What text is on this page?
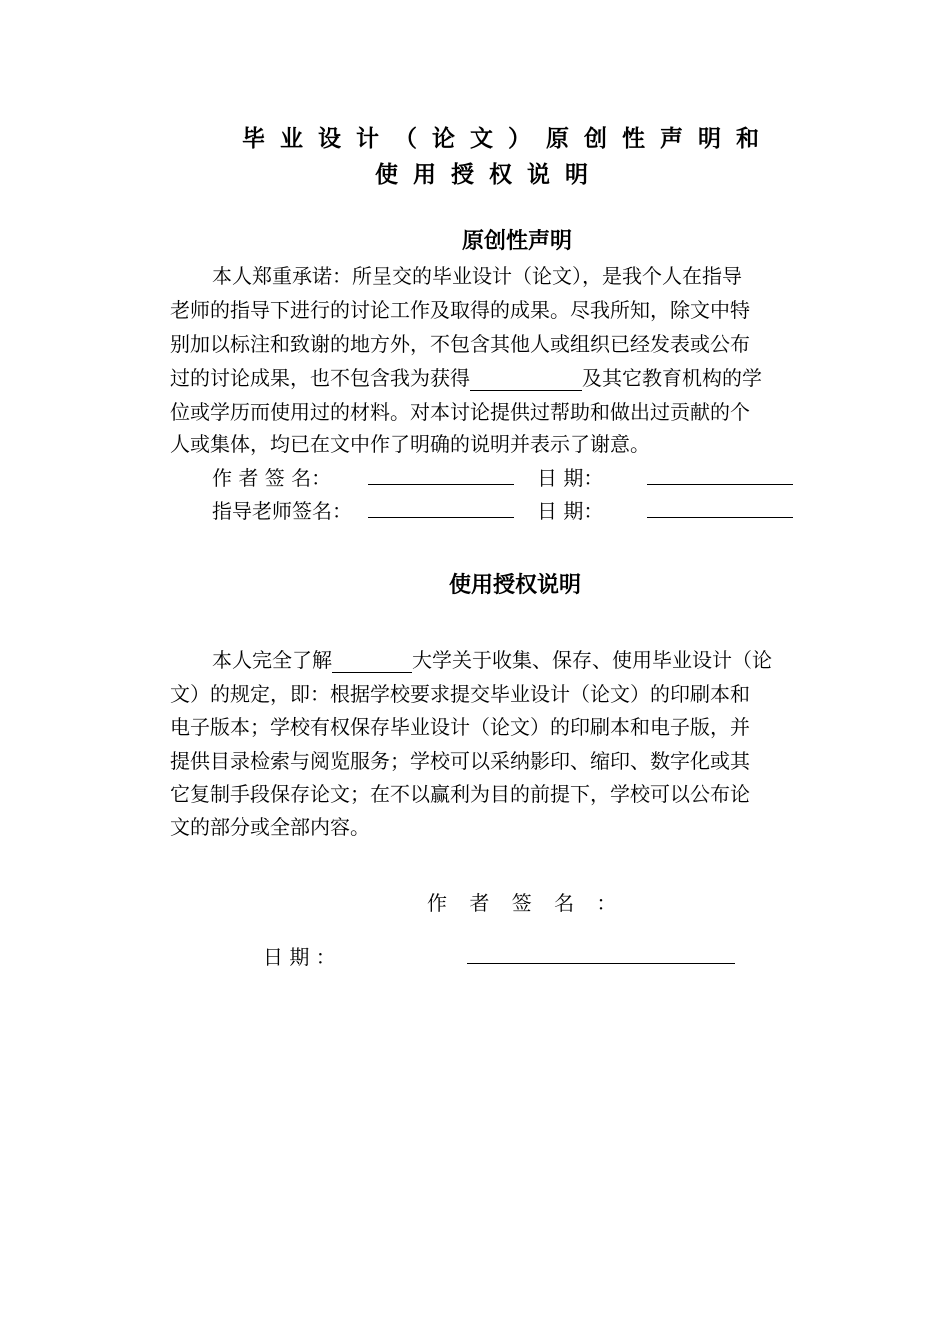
毕业设计（论文）原创性声明和
使用授权说明
原创性声明
本人郑重承诺：所呈交的毕业设计（论文），是我个人在指导
老师的指导下进行的讨论工作及取得的成果。尽我所知，除文中特
别加以标注和致谢的地方外，不包含其他人或组织已经发表或公布
过的讨论成果，也不包含我为获得	及其它教育机构的学
位或学历而使用过的材料。对本讨论提供过帮助和做出过贡献的个
人或集体，均已在文中作了明确的说明并表示了谢意。
作 者 签 名：	日 期：
指导老师签名：	日 期：
使用授权说明
本人完全了解	大学关于收集、保存、使用毕业设计（论
文）的规定，即：根据学校要求提交毕业设计（论文）的印刷本和
电子版本；学校有权保存毕业设计（论文）的印刷本和电子版，并
提供目录检索与阅览服务；学校可以采纳影印、缩印、数字化或其
它复制手段保存论文；在不以赢利为目的前提下，学校可以公布论
文的部分或全部内容。
作 者 签 名 ：
日 期 ：
